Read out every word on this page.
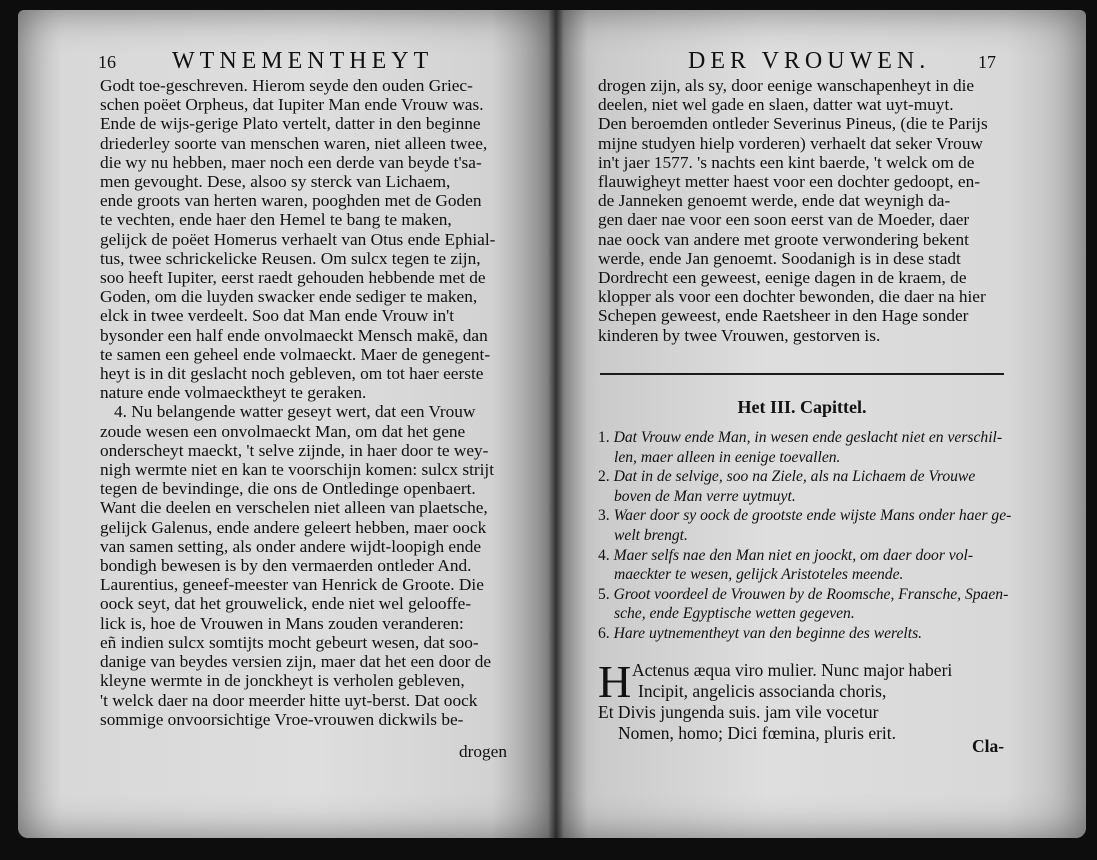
16 WTNEMENTHEYT	DER VROUWEN.	17
Godt toe-geschreven. Hierom seyde den ouden Griec-
schen poëet Orpheus, dat Iupiter Man ende Vrouw was.
Ende de wijs-gerige Plato vertelt, datter in den beginne
driederley soorte van menschen waren, niet alleen twee,
die wy nu hebben, maer noch een derde van beyde t'sa-
men gevought. Dese, alsoo sy sterck van Lichaem,
ende groots van herten waren, pooghden met de Goden
te vechten, ende haer den Hemel te bang te maken,
gelijck de poëet Homerus verhaelt van Otus ende Ephial-
tus, twee schrickelicke Reusen. Om sulcx tegen te zijn,
soo heeft Iupiter, eerst raedt gehouden hebbende met de
Goden, om die luyden swacker ende sediger te maken,
elck in twee verdeelt. Soo dat Man ende Vrouw in't
bysonder een half ende onvolmaeckt Mensch makē, dan
te samen een geheel ende volmaeckt. Maer de genegent-
heyt is in dit geslacht noch gebleven, om tot haer eerste
nature ende volmaecktheyt te geraken.
4. Nu belangende watter geseyt wert, dat een Vrouw
zoude wesen een onvolmaeckt Man, om dat het gene
onderscheyt maeckt, 't selve zijnde, in haer door te wey-
nigh wermte niet en kan te voorschijn komen: sulcx strijt
tegen de bevindinge, die ons de Ontledinge openbaert.
Want die deelen en verschelen niet alleen van plaetsche,
gelijck Galenus, ende andere geleert hebben, maer oock
van samen setting, als onder andere wijdt-loopigh ende
bondigh bewesen is by den vermaerden ontleder And.
Laurentius, geneef-meester van Henrick de Groote. Die
oock seyt, dat het grouwelick, ende niet wel gelooffe-
lick is, hoe de Vrouwen in Mans zouden veranderen:
eñ indien sulcx somtijts mocht gebeurt wesen, dat soo-
danige van beydes versien zijn, maer dat het een door de
kleyne wermte in de jonckheyt is verholen gebleven,
't welck daer na door meerder hitte uyt-berst. Dat oock
sommige onvoorsichtige Vroe-vrouwen dickwils be-
drogen
drogen zijn, als sy, door eenige wanschapenheyt in die
deelen, niet wel gade en slaen, datter wat uyt-muyt.
Den beroemden ontleder Severinus Pineus, (die te Parijs
mijne studyen hielp vorderen) verhaelt dat seker Vrouw
in't jaer 1577. 's nachts een kint baerde, 't welck om de
flauwigheyt metter haest voor een dochter gedoopt, en-
de Janneken genoemt werde, ende dat weynigh da-
gen daer nae voor een soon eerst van de Moeder, daer
nae oock van andere met groote verwondering bekent
werde, ende Jan genoemt. Soodanigh is in dese stadt
Dordrecht een geweest, eenige dagen in de kraem, de
klopper als voor een dochter bewonden, die daer na hier
Schepen geweest, ende Raetsheer in den Hage sonder
kinderen by twee Vrouwen, gestorven is.
Het III. Capittel.
1. Dat Vrouw ende Man, in wesen ende geslacht niet en verschil-
len, maer alleen in eenige toevallen.
2. Dat in de selvige, soo na Ziele, als na Lichaem de Vrouwe
boven de Man verre uytmuyt.
3. Waer door sy oock de grootste ende wijste Mans onder haer ge-
welt brengt.
4. Maer selfs nae den Man niet en joockt, om daer door vol-
maeckter te wesen, gelijck Aristoteles meende.
5. Groot voordeel de Vrouwen by de Roomsche, Fransche, Spaen-
sche, ende Egyptische wetten gegeven.
6. Hare uytnementheyt van den beginne des werelts.
H Actenus æqua viro mulier. Nunc major haberi
Incipit, angelicis associanda choris,
Et Divis jungenda suis. jam vile vocetur
Nomen, homo; Dici fœmina, pluris erit.
Cla-
